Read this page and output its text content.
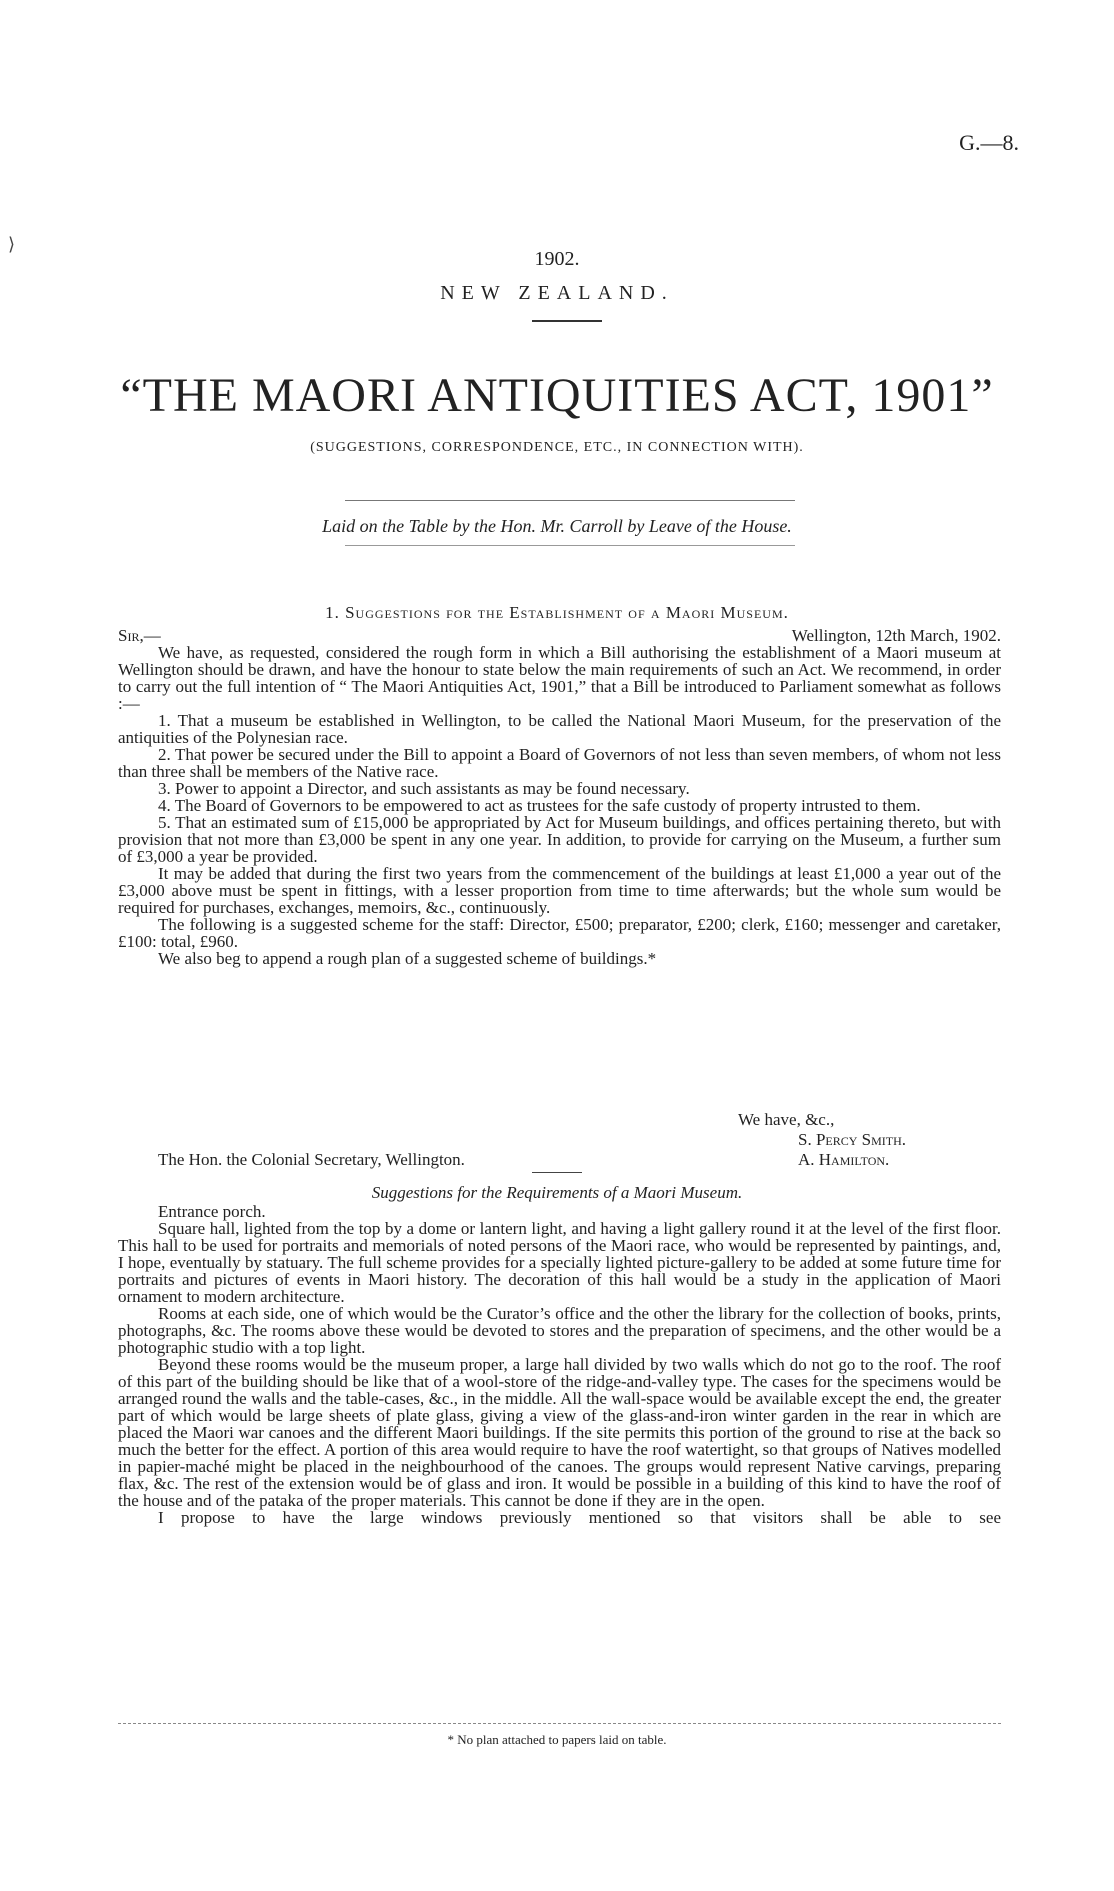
⟩
G.—8.
1902.
NEW ZEALAND.
“THE MAORI ANTIQUITIES ACT, 1901”
(SUGGESTIONS, CORRESPONDENCE, ETC., IN CONNECTION WITH).
Laid on the Table by the Hon. Mr. Carroll by Leave of the House.
1. Suggestions for the Establishment of a Maori Museum.
Sir,—	Wellington, 12th March, 1902.

We have, as requested, considered the rough form in which a Bill authorising the establishment of a Maori museum at Wellington should be drawn, and have the honour to state below the main requirements of such an Act. We recommend, in order to carry out the full intention of “ The Maori Antiquities Act, 1901,” that a Bill be introduced to Parliament somewhat as follows :—

1. That a museum be established in Wellington, to be called the National Maori Museum, for the preservation of the antiquities of the Polynesian race.

2. That power be secured under the Bill to appoint a Board of Governors of not less than seven members, of whom not less than three shall be members of the Native race.

3. Power to appoint a Director, and such assistants as may be found necessary.

4. The Board of Governors to be empowered to act as trustees for the safe custody of property intrusted to them.

5. That an estimated sum of £15,000 be appropriated by Act for Museum buildings, and offices pertaining thereto, but with provision that not more than £3,000 be spent in any one year. In addition, to provide for carrying on the Museum, a further sum of £3,000 a year be provided.

It may be added that during the first two years from the commencement of the buildings at least £1,000 a year out of the £3,000 above must be spent in fittings, with a lesser proportion from time to time afterwards; but the whole sum would be required for purchases, exchanges, memoirs, &c., continuously.

The following is a suggested scheme for the staff: Director, £500; preparator, £200; clerk, £160; messenger and caretaker, £100: total, £960.

We also beg to append a rough plan of a suggested scheme of buildings.*

We have, &c.,
S. Percy Smith.
The Hon. the Colonial Secretary, Wellington.	A. Hamilton.
Suggestions for the Requirements of a Maori Museum.

Entrance porch.

Square hall, lighted from the top by a dome or lantern light, and having a light gallery round it at the level of the first floor. This hall to be used for portraits and memorials of noted persons of the Maori race, who would be represented by paintings, and, I hope, eventually by statuary. The full scheme provides for a specially lighted picture-gallery to be added at some future time for portraits and pictures of events in Maori history. The decoration of this hall would be a study in the application of Maori ornament to modern architecture.

Rooms at each side, one of which would be the Curator’s office and the other the library for the collection of books, prints, photographs, &c. The rooms above these would be devoted to stores and the preparation of specimens, and the other would be a photographic studio with a top light.

Beyond these rooms would be the museum proper, a large hall divided by two walls which do not go to the roof. The roof of this part of the building should be like that of a wool-store of the ridge-and-valley type. The cases for the specimens would be arranged round the walls and the table-cases, &c., in the middle. All the wall-space would be available except the end, the greater part of which would be large sheets of plate glass, giving a view of the glass-and-iron winter garden in the rear in which are placed the Maori war canoes and the different Maori buildings. If the site permits this portion of the ground to rise at the back so much the better for the effect. A portion of this area would require to have the roof watertight, so that groups of Natives modelled in papier-maché might be placed in the neighbourhood of the canoes. The groups would represent Native carvings, preparing flax, &c. The rest of the extension would be of glass and iron. It would be possible in a building of this kind to have the roof of the house and of the pataka of the proper materials. This cannot be done if they are in the open.

I propose to have the large windows previously mentioned so that visitors shall be able to see

* No plan attached to papers laid on table.
